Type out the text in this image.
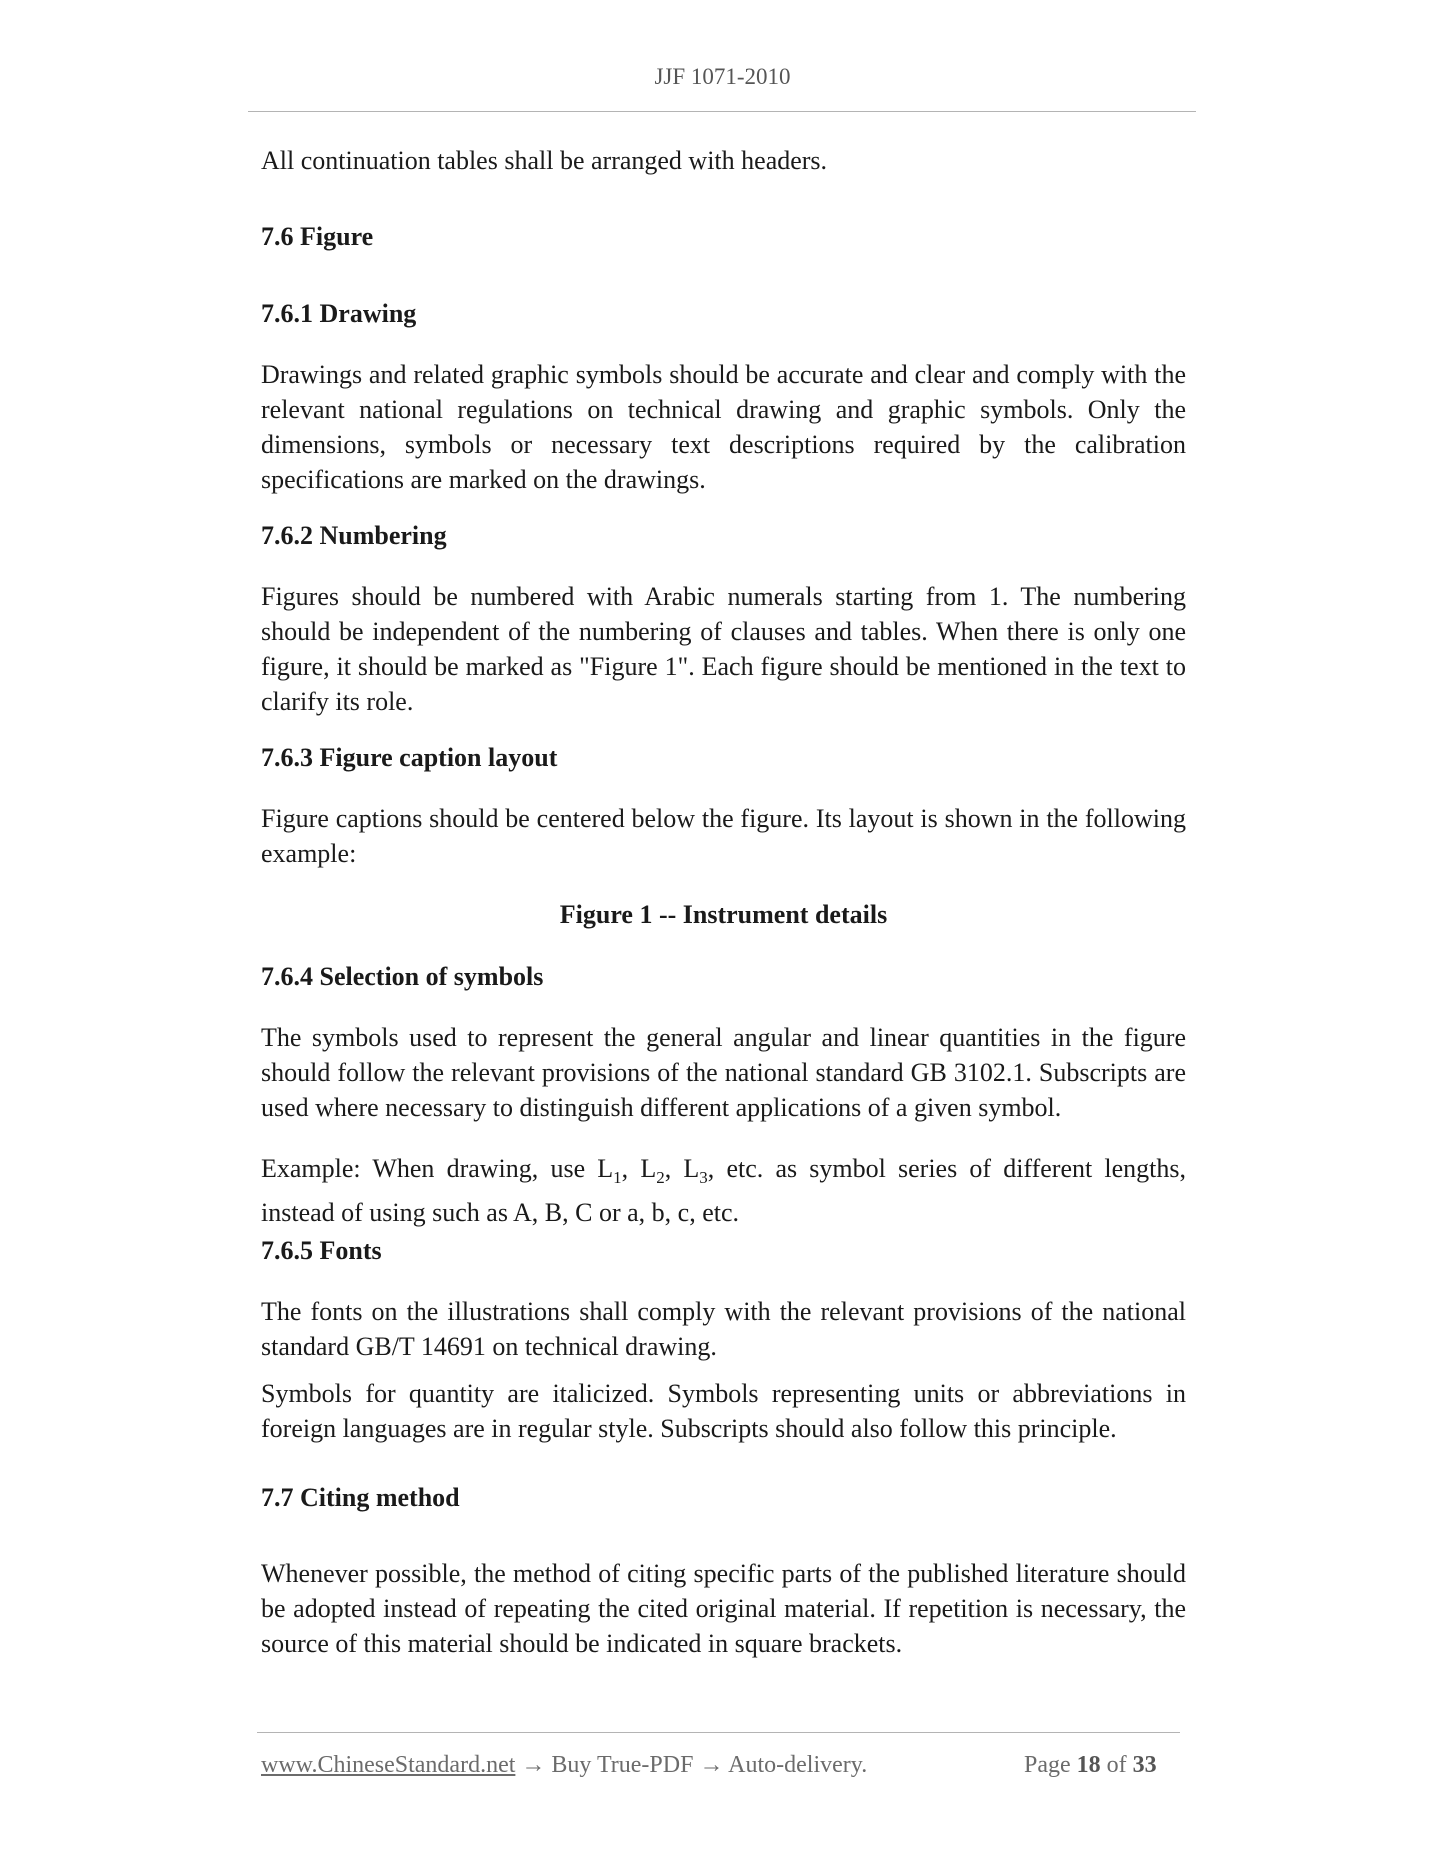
JJF 1071-2010

All continuation tables shall be arranged with headers.

7.6 Figure

7.6.1 Drawing

Drawings and related graphic symbols should be accurate and clear and comply with the relevant national regulations on technical drawing and graphic symbols. Only the dimensions, symbols or necessary text descriptions required by the calibration specifications are marked on the drawings.

7.6.2 Numbering

Figures should be numbered with Arabic numerals starting from 1. The numbering should be independent of the numbering of clauses and tables. When there is only one figure, it should be marked as "Figure 1". Each figure should be mentioned in the text to clarify its role.

7.6.3 Figure caption layout

Figure captions should be centered below the figure. Its layout is shown in the following example:

Figure 1 -- Instrument details

7.6.4 Selection of symbols

The symbols used to represent the general angular and linear quantities in the figure should follow the relevant provisions of the national standard GB 3102.1. Subscripts are used where necessary to distinguish different applications of a given symbol.

Example: When drawing, use $L_1$, $L_2$, $L_3$, etc. as symbol series of different lengths, instead of using such as A, B, C or a, b, c, etc.

7.6.5 Fonts

The fonts on the illustrations shall comply with the relevant provisions of the national standard GB/T 14691 on technical drawing.

Symbols for quantity are italicized. Symbols representing units or abbreviations in foreign languages are in regular style. Subscripts should also follow this principle.

7.7 Citing method

Whenever possible, the method of citing specific parts of the published literature should be adopted instead of repeating the cited original material. If repetition is necessary, the source of this material should be indicated in square brackets.

www.ChineseStandard.net → Buy True-PDF → Auto-delivery.	Page 18 of 33
